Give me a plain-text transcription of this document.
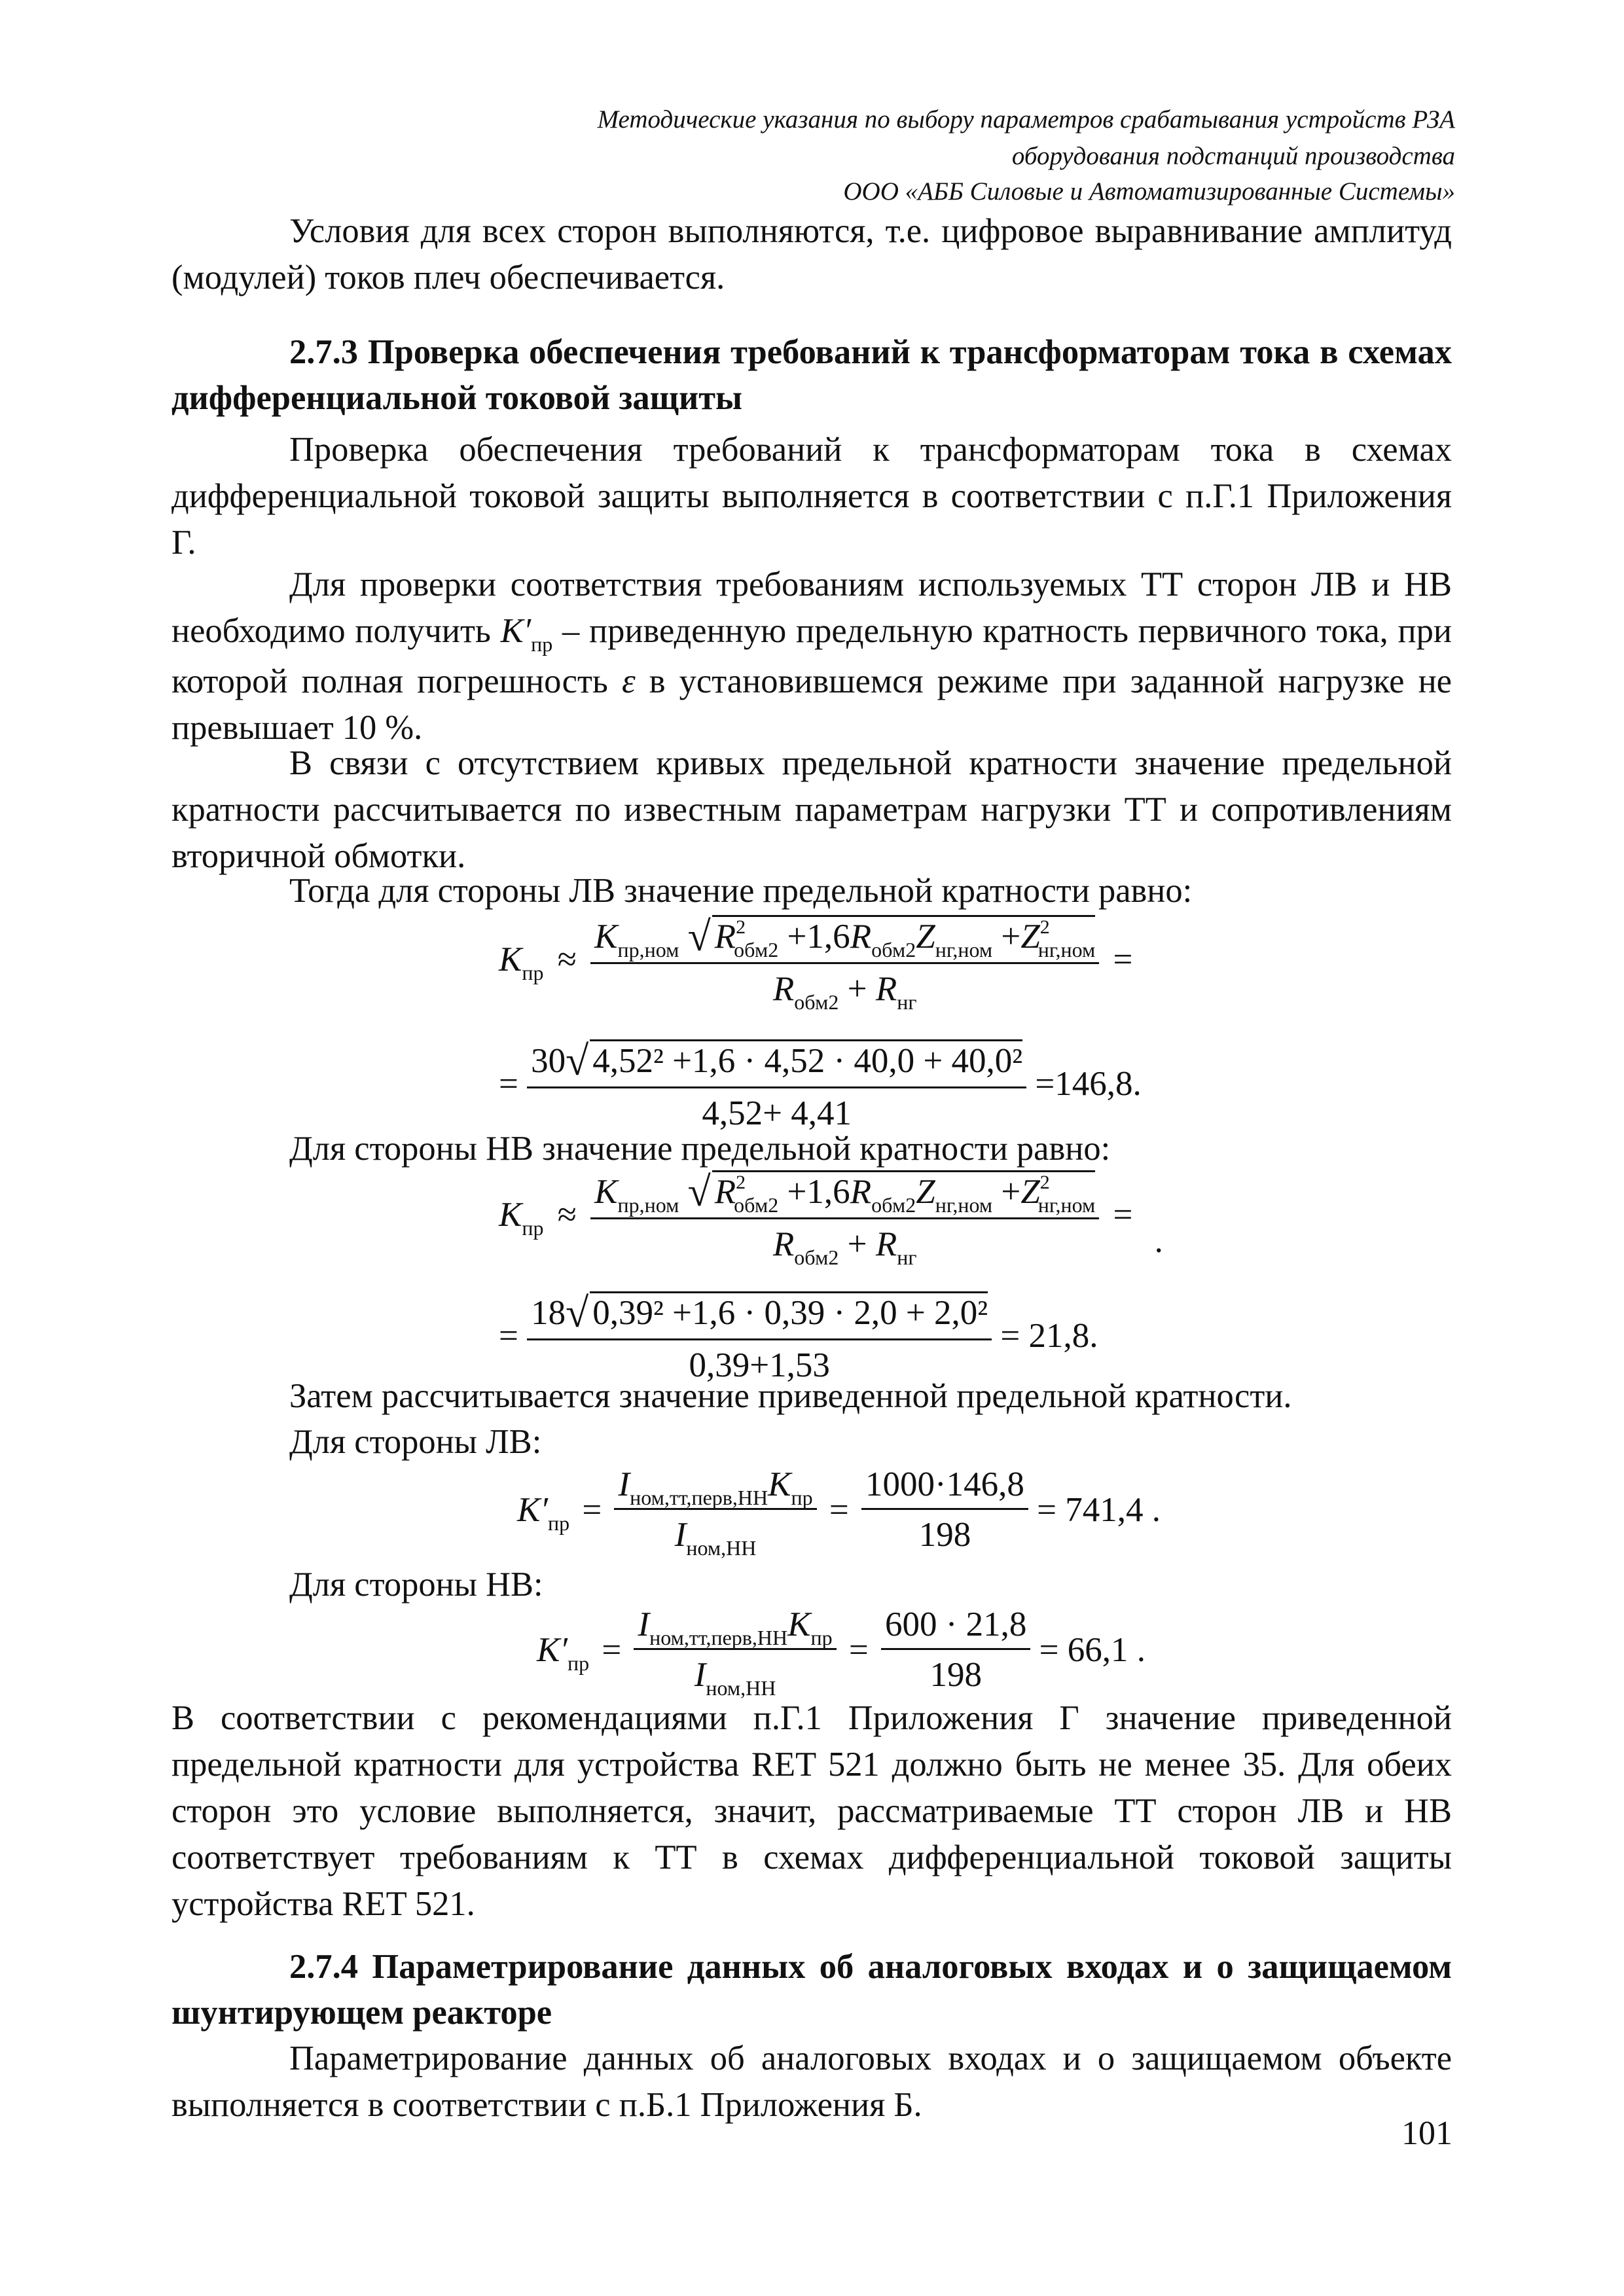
Методические указания по выбору параметров срабатывания устройств РЗА
оборудования подстанций производства
ООО «АББ Силовые и Автоматизированные Системы»
Условия для всех сторон выполняются, т.е. цифровое выравнивание амплитуд (модулей) токов плеч обеспечивается.
2.7.3 Проверка обеспечения требований к трансформаторам тока в схемах дифференциальной токовой защиты
Проверка обеспечения требований к трансформаторам тока в схемах дифференциальной токовой защиты выполняется в соответствии с п.Г.1 Приложения Г.
Для проверки соответствия требованиям используемых ТТ сторон ЛВ и НВ необходимо получить $K'_{пр}$ – приведенную предельную кратность первичного тока, при которой полная погрешность ε в установившемся режиме при заданной нагрузке не превышает 10 %.
В связи с отсутствием кривых предельной кратности значение предельной кратности рассчитывается по известным параметрам нагрузки ТТ и сопротивлениям вторичной обмотки.
Тогда для стороны ЛВ значение предельной кратности равно:
$K_{пр} \approx \frac{K_{пр,ном} √ R^2_{обм2} +1,6R_{обм2}Z_{нг,ном} +Z^2_{нг,ном}}{R_{обм2} + R_{нг}}$ =
= $\frac{\text{30√ 4,52² +1,6 · 4,52 · 40,0 + 40,0²}}{4,52+ 4,41} =146,8$.
Для стороны НВ значение предельной кратности равно:
$K_{пр} \approx \frac{K_{пр,ном} √ R^2_{обм2} +1,6R_{обм2}Z_{нг,ном} +Z^2_{нг,ном}}{R_{обм2} + R_{нг}}$ = .
= $\frac{\text{18√ 0,39² +1,6 · 0,39 · 2,0 + 2,0²}}{0,39+1,53} = 21,8$.
Затем рассчитывается значение приведенной предельной кратности.
Для стороны ЛВ:
$K'_{пр} = \frac{I_{ном,тт,перв,НН}K_{пр}}{I_{ном,НН}} = \frac{1000\cdot 146,8}{198} = 741,4$ .
Для стороны НВ:
$K'_{пр} = \frac{I_{ном,тт,перв,НН}K_{пр}}{I_{ном,НН}} = \frac{600 \cdot 21,8}{198} = 66,1$ .
В соответствии с рекомендациями п.Г.1 Приложения Г значение приведенной предельной кратности для устройства RET 521 должно быть не менее 35. Для обеих сторон это условие выполняется, значит, рассматриваемые ТТ сторон ЛВ и НВ соответствует требованиям к ТТ в схемах дифференциальной токовой защиты устройства RET 521.
2.7.4 Параметрирование данных об аналоговых входах и о защищаемом шунтирующем реакторе
Параметрирование данных об аналоговых входах и о защищаемом объекте выполняется в соответствии с п.Б.1 Приложения Б.
101
